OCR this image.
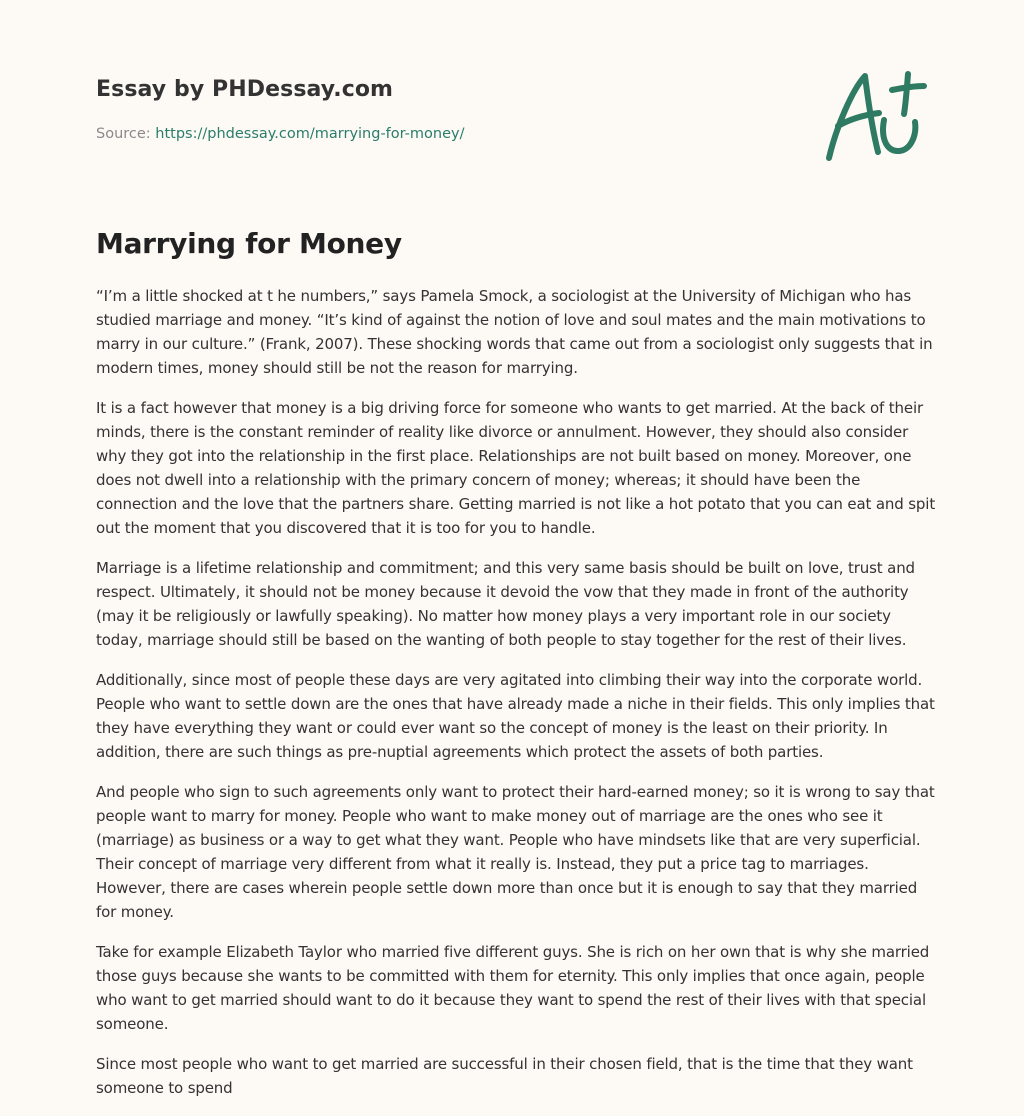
Essay by PHDessay.com
Source: https://phdessay.com/marrying-for-money/
Marrying for Money

“I’m a little shocked at t he numbers,” says Pamela Smock, a sociologist at the University of Michigan who has studied marriage and money. “It’s kind of against the notion of love and soul mates and the main motivations to marry in our culture.” (Frank, 2007). These shocking words that came out from a sociologist only suggests that in modern times, money should still be not the reason for marrying.

It is a fact however that money is a big driving force for someone who wants to get married. At the back of their minds, there is the constant reminder of reality like divorce or annulment. However, they should also consider why they got into the relationship in the first place. Relationships are not built based on money. Moreover, one does not dwell into a relationship with the primary concern of money; whereas; it should have been the connection and the love that the partners share. Getting married is not like a hot potato that you can eat and spit out the moment that you discovered that it is too for you to handle.

Marriage is a lifetime relationship and commitment; and this very same basis should be built on love, trust and respect. Ultimately, it should not be money because it devoid the vow that they made in front of the authority (may it be religiously or lawfully speaking). No matter how money plays a very important role in our society today, marriage should still be based on the wanting of both people to stay together for the rest of their lives.

Additionally, since most of people these days are very agitated into climbing their way into the corporate world. People who want to settle down are the ones that have already made a niche in their fields. This only implies that they have everything they want or could ever want so the concept of money is the least on their priority. In addition, there are such things as pre-nuptial agreements which protect the assets of both parties.

And people who sign to such agreements only want to protect their hard-earned money; so it is wrong to say that people want to marry for money. People who want to make money out of marriage are the ones who see it (marriage) as business or a way to get what they want. People who have mindsets like that are very superficial. Their concept of marriage very different from what it really is. Instead, they put a price tag to marriages. However, there are cases wherein people settle down more than once but it is enough to say that they married for money.

Take for example Elizabeth Taylor who married five different guys. She is rich on her own that is why she married those guys because she wants to be committed with them for eternity. This only implies that once again, people who want to get married should want to do it because they want to spend the rest of their lives with that special someone.

Since most people who want to get married are successful in their chosen field, that is the time that they want someone to spend
